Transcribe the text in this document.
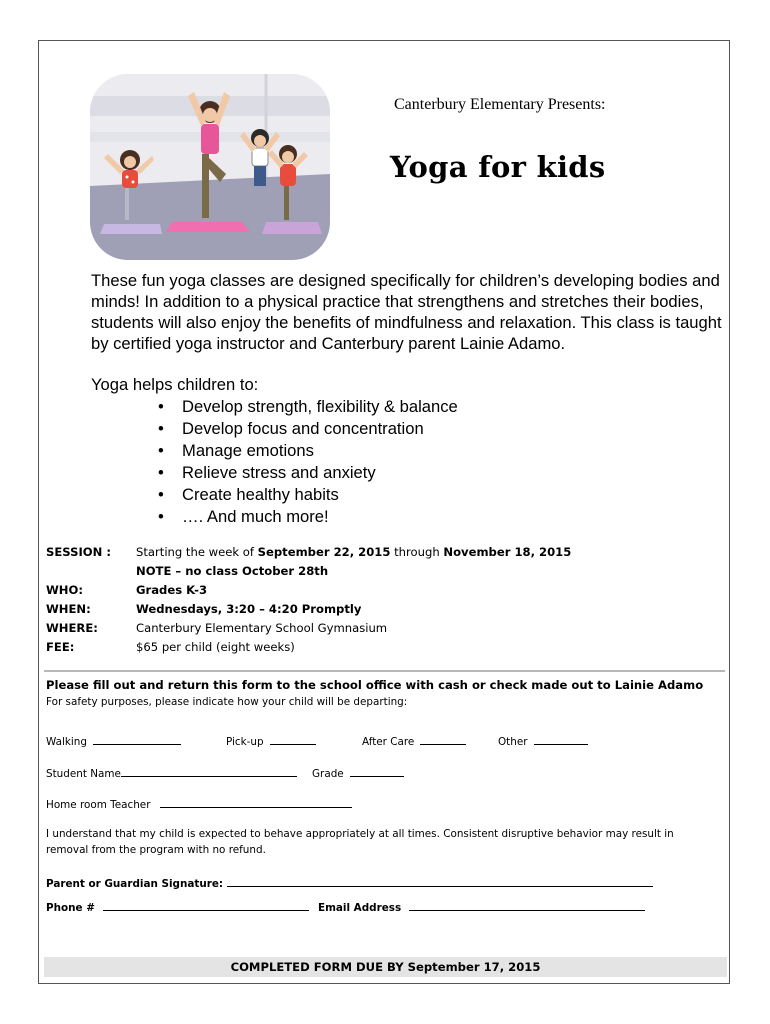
Canterbury Elementary Presents:
Yoga for kids

These fun yoga classes are designed specifically for children’s developing bodies and minds! In addition to a physical practice that strengthens and stretches their bodies, students will also enjoy the benefits of mindfulness and relaxation. This class is taught by certified yoga instructor and Canterbury parent Lainie Adamo.

Yoga helps children to:
• Develop strength, flexibility & balance
• Develop focus and concentration
• Manage emotions
• Relieve stress and anxiety
• Create healthy habits
• …. And much more!
SESSION : Starting the week of September 22, 2015 through November 18, 2015
NOTE – no class October 28th
WHO:	Grades K-3
WHEN:	Wednesdays, 3:20 – 4:20 Promptly
WHERE:	Canterbury Elementary School Gymnasium
FEE:	$65 per child (eight weeks)
Please fill out and return this form to the school office with cash or check made out to Lainie Adamo
For safety purposes, please indicate how your child will be departing:
Walking	Pick-up	After Care	Other
Student Name	Grade
Home room Teacher

I understand that my child is expected to behave appropriately at all times. Consistent disruptive behavior may result in removal from the program with no refund.

Parent or Guardian Signature:
Phone #	Email Address
COMPLETED FORM DUE BY September 17, 2015
